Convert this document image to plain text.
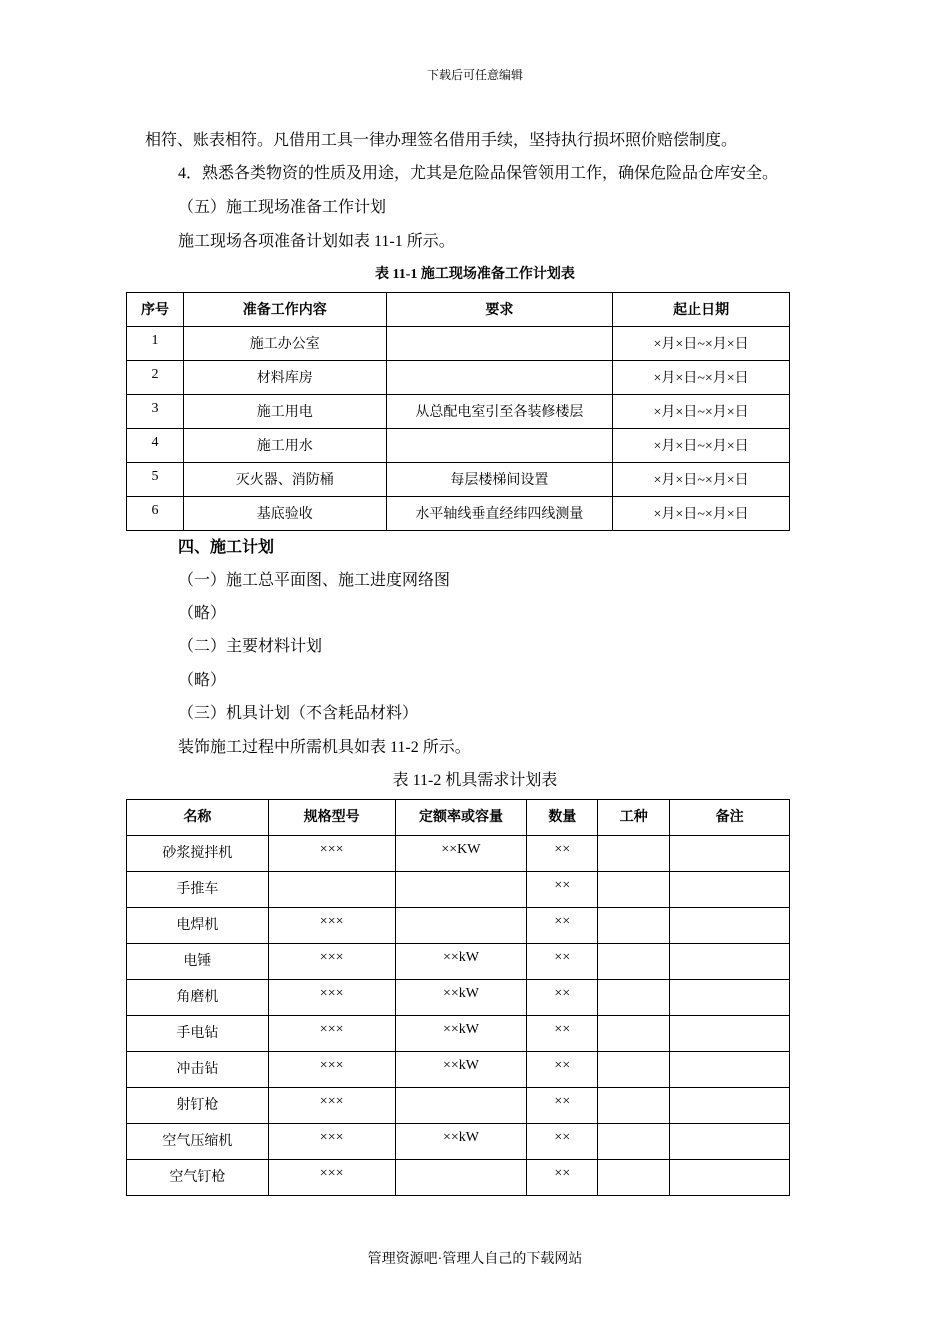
下载后可任意编辑
相符、账表相符。凡借用工具一律办理签名借用手续，坚持执行损坏照价赔偿制度。
4．熟悉各类物资的性质及用途，尤其是危险品保管领用工作，确保危险品仓库安全。
（五）施工现场准备工作计划
施工现场各项准备计划如表 11-1 所示。
表 11-1 施工现场准备工作计划表
序号	准备工作内容	要求	起止日期
1	施工办公室		×月×日~×月×日
2	材料库房		×月×日~×月×日
3	施工用电	从总配电室引至各装修楼层	×月×日~×月×日
4	施工用水		×月×日~×月×日
5	灭火器、消防桶	每层楼梯间设置	×月×日~×月×日
6	基底验收	水平轴线垂直经纬四线测量	×月×日~×月×日
四、施工计划
（一）施工总平面图、施工进度网络图
（略）
（二）主要材料计划
（略）
（三）机具计划（不含耗品材料）
装饰施工过程中所需机具如表 11-2 所示。
表 11-2 机具需求计划表
名称	规格型号	定额率或容量	数量	工种	备注
砂浆搅拌机	×××	××KW	××		
手推车			××		
电焊机	×××		××		
电锤	×××	××kW	××		
角磨机	×××	××kW	××		
手电钻	×××	××kW	××		
冲击钻	×××	××kW	××		
射钉枪	×××		××		
空气压缩机	×××	××kW	××		
空气钉枪	×××		××		
管理资源吧·管理人自己的下载网站
